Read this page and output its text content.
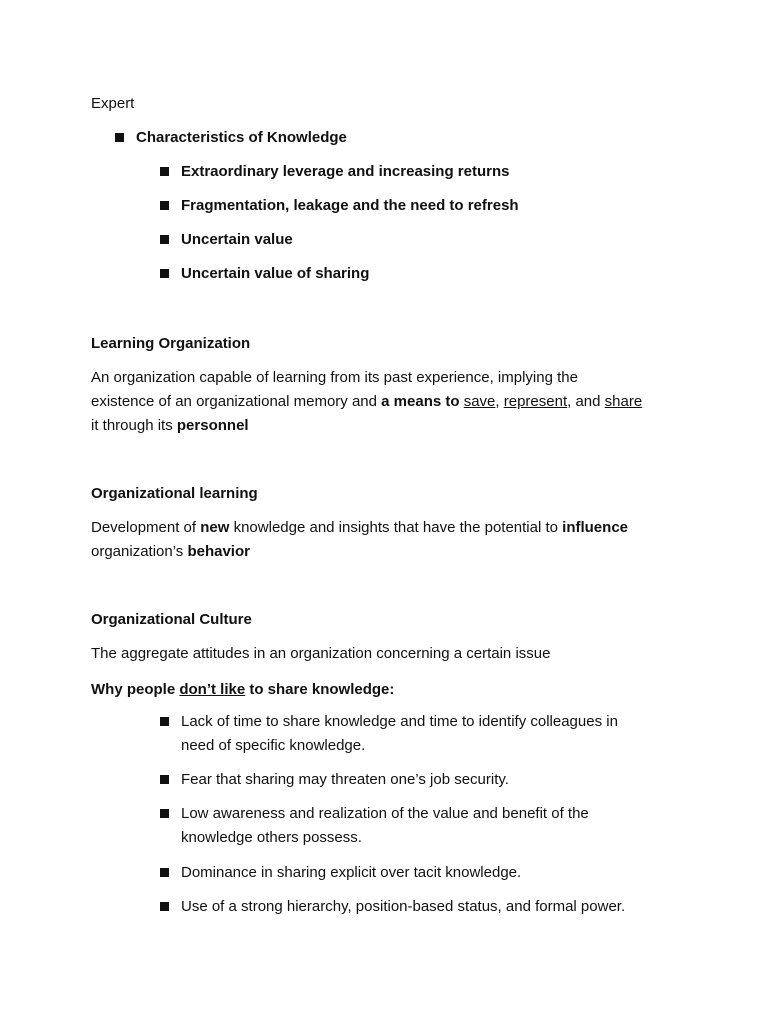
Expert
Characteristics of Knowledge
Extraordinary leverage and increasing returns
Fragmentation, leakage and the need to refresh
Uncertain value
Uncertain value of sharing
Learning Organization
An organization capable of learning from its past experience, implying the
existence of an organizational memory and a means to save, represent, and share
it through its personnel
Organizational learning
Development of new knowledge and insights that have the potential to influence
organization’s behavior
Organizational Culture
The aggregate attitudes in an organization concerning a certain issue
Why people don’t like to share knowledge:
Lack of time to share knowledge and time to identify colleagues in
need of specific knowledge.
Fear that sharing may threaten one’s job security.
Low awareness and realization of the value and benefit of the
knowledge others possess.
Dominance in sharing explicit over tacit knowledge.
Use of a strong hierarchy, position-based status, and formal power.
